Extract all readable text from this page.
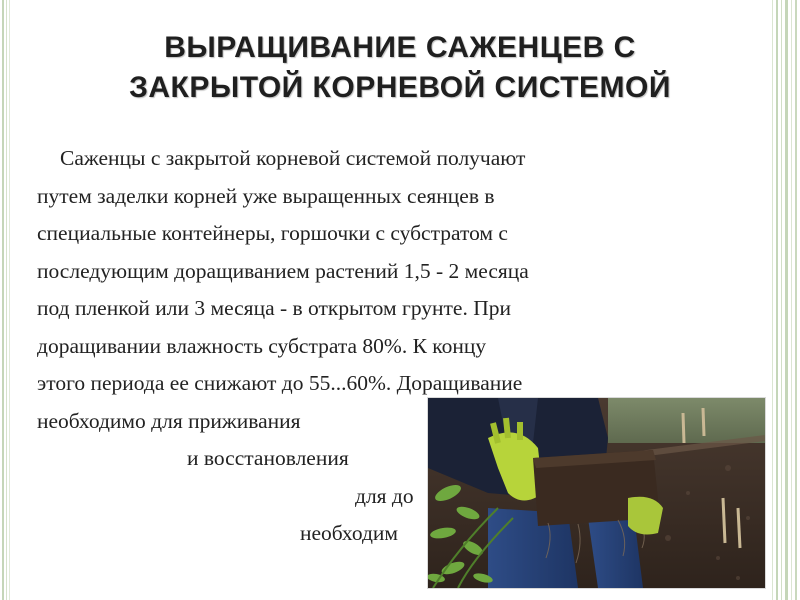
ВЫРАЩИВАНИЕ САЖЕНЦЕВ С
ЗАКРЫТОЙ КОРНЕВОЙ СИСТЕМОЙ
Саженцы с закрытой корневой системой получают
путем заделки корней уже выращенных сеянцев в
специальные контейнеры, горшочки с субстратом с
последующим доращиванием растений 1,5 - 2 месяца
под пленкой или 3 месяца - в открытом грунте. При
доращивании влажность субстрата 80%. К концу
этого периода ее снижают до 55...60%. Доращивание
необходимо для приживания
и восстановления
для до
необходим
